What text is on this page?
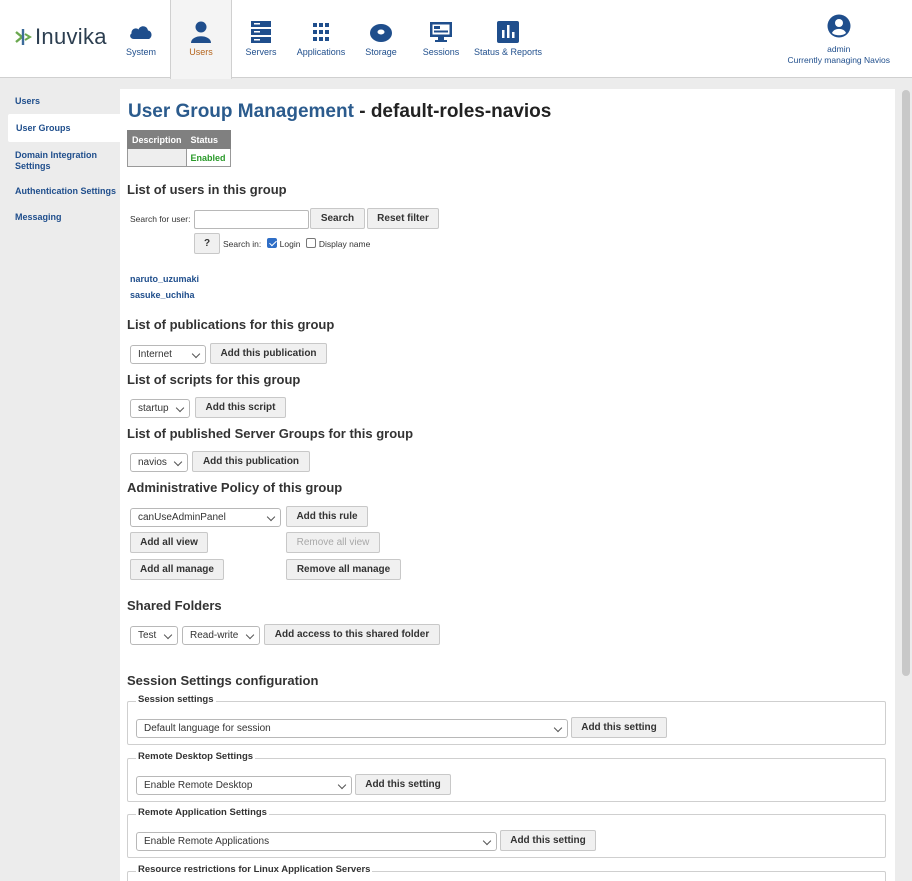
Inuvika
System	Users	Servers	Applications	Storage	Sessions	Status & Reports	admin
Currently managing Navios
Users
User Groups
Domain Integration Settings
Authentication Settings
Messaging
User Group Management - default-roles-navios
Description	Status
	Enabled
List of users in this group
Search for user:	Search	Reset filter
?	Search in: Login Display name
naruto_uzumaki
sasuke_uchiha
List of publications for this group
Internet	Add this publication
List of scripts for this group
startup	Add this script
List of published Server Groups for this group
navios	Add this publication
Administrative Policy of this group
canUseAdminPanel	Add this rule
Add all view	Remove all view
Add all manage	Remove all manage
Shared Folders
Test	Read-write	Add access to this shared folder
Session Settings configuration
Session settings
Default language for session	Add this setting
Remote Desktop Settings
Enable Remote Desktop	Add this setting
Remote Application Settings
Enable Remote Applications	Add this setting
Resource restrictions for Linux Application Servers
